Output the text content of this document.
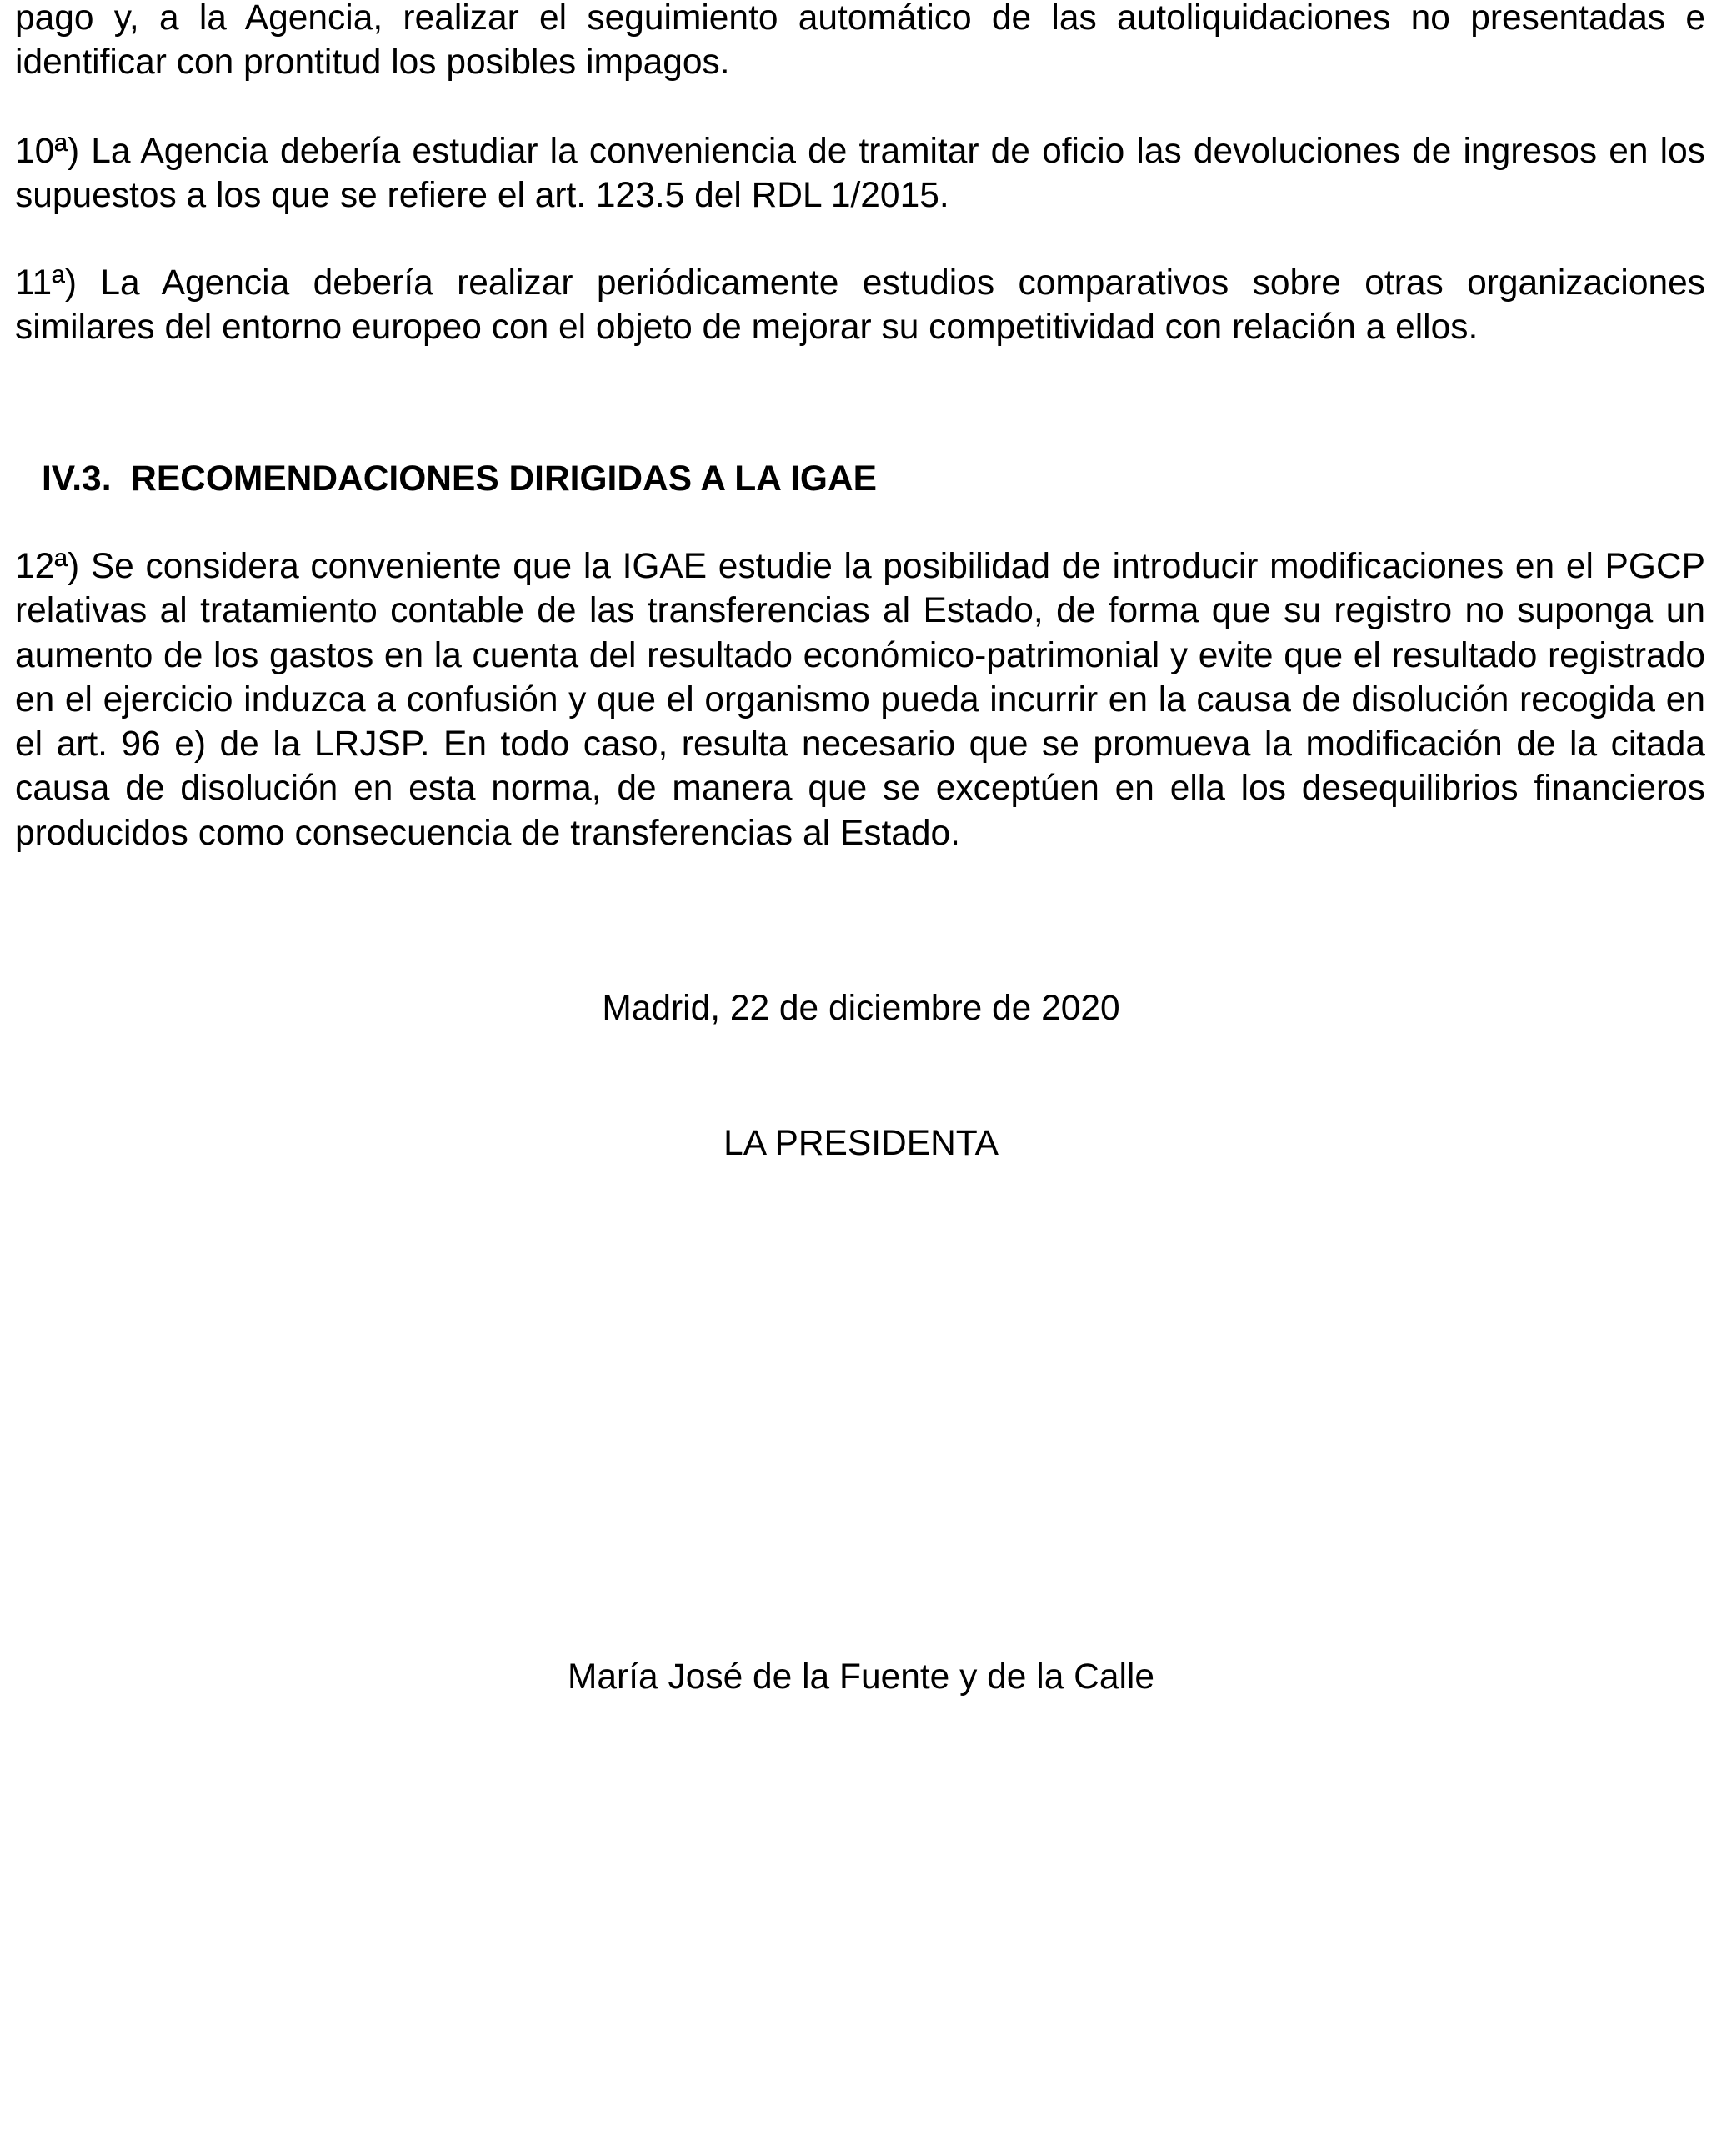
pago y, a la Agencia, realizar el seguimiento automático de las autoliquidaciones no presentadas e identificar con prontitud los posibles impagos.

10ª) La Agencia debería estudiar la conveniencia de tramitar de oficio las devoluciones de ingresos en los supuestos a los que se refiere el art. 123.5 del RDL 1/2015.

11ª) La Agencia debería realizar periódicamente estudios comparativos sobre otras organizaciones similares del entorno europeo con el objeto de mejorar su competitividad con relación a ellos.

IV.3.  RECOMENDACIONES DIRIGIDAS A LA IGAE

12ª) Se considera conveniente que la IGAE estudie la posibilidad de introducir modificaciones en el PGCP relativas al tratamiento contable de las transferencias al Estado, de forma que su registro no suponga un aumento de los gastos en la cuenta del resultado económico-patrimonial y evite que el resultado registrado en el ejercicio induzca a confusión y que el organismo pueda incurrir en la causa de disolución recogida en el art. 96 e) de la LRJSP. En todo caso, resulta necesario que se promueva la modificación de la citada causa de disolución en esta norma, de manera que se exceptúen en ella los desequilibrios financieros producidos como consecuencia de transferencias al Estado.

Madrid, 22 de diciembre de 2020

LA PRESIDENTA

María José de la Fuente y de la Calle
